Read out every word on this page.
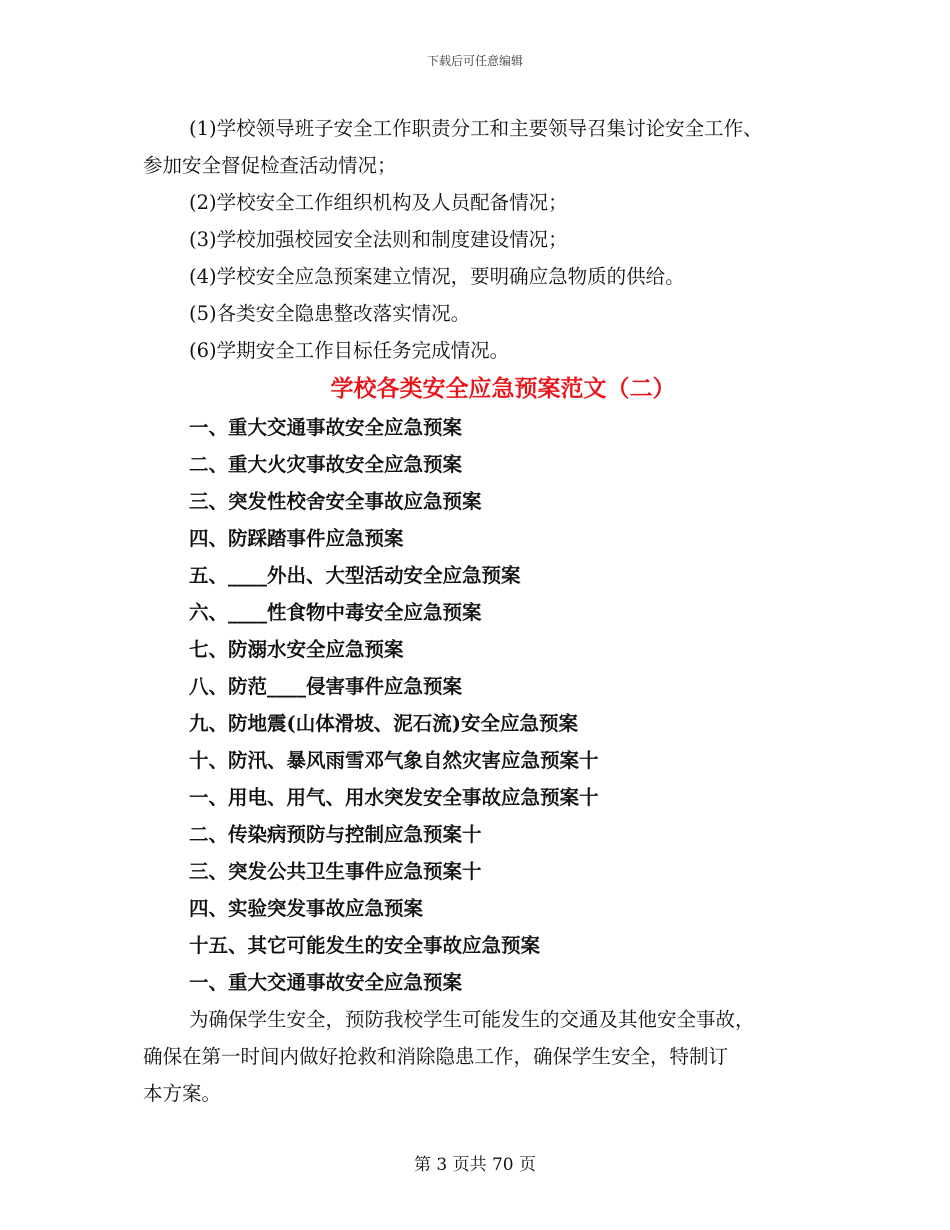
下载后可任意编辑

(1)学校领导班子安全工作职责分工和主要领导召集讨论安全工作、

参加安全督促检查活动情况；

(2)学校安全工作组织机构及人员配备情况；

(3)学校加强校园安全法则和制度建设情况；

(4)学校安全应急预案建立情况，要明确应急物质的供给。

(5)各类安全隐患整改落实情况。

(6)学期安全工作目标任务完成情况。

学校各类安全应急预案范文（二）

一、重大交通事故安全应急预案

二、重大火灾事故安全应急预案

三、突发性校舍安全事故应急预案

四、防踩踏事件应急预案

五、____外出、大型活动安全应急预案

六、____性食物中毒安全应急预案

七、防溺水安全应急预案

八、防范____侵害事件应急预案

九、防地震(山体滑坡、泥石流)安全应急预案

十、防汛、暴风雨雪邓气象自然灾害应急预案十

一、用电、用气、用水突发安全事故应急预案十

二、传染病预防与控制应急预案十

三、突发公共卫生事件应急预案十

四、实验突发事故应急预案

十五、其它可能发生的安全事故应急预案

一、重大交通事故安全应急预案

为确保学生安全，预防我校学生可能发生的交通及其他安全事故，

确保在第一时间内做好抢救和消除隐患工作，确保学生安全，特制订

本方案。

第 3 页共 70 页
